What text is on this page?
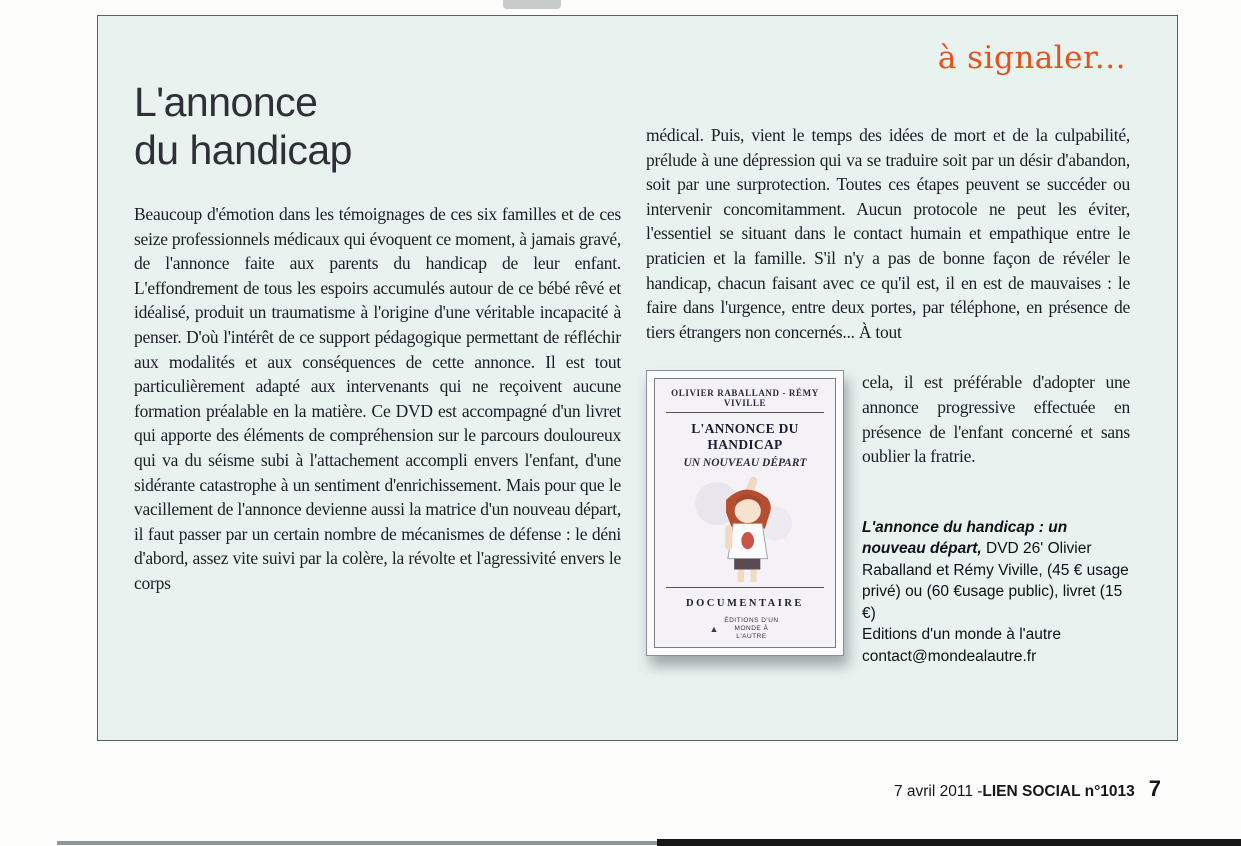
à signaler...
L'annonce
du handicap

Beaucoup d'émotion dans les témoignages de ces six familles et de ces seize professionnels médicaux qui évoquent ce moment, à jamais gravé, de l'annonce faite aux parents du handicap de leur enfant. L'effondrement de tous les espoirs accumulés autour de ce bébé rêvé et idéalisé, produit un traumatisme à l'origine d'une véritable incapacité à penser. D'où l'intérêt de ce support pédagogique permettant de réfléchir aux modalités et aux conséquences de cette annonce. Il est tout particulièrement adapté aux intervenants qui ne reçoivent aucune formation préalable en la matière. Ce DVD est accompagné d'un livret qui apporte des éléments de compréhension sur le parcours douloureux qui va du séisme subi à l'attachement accompli envers l'enfant, d'une sidérante catastrophe à un sentiment d'enrichissement. Mais pour que le vacillement de l'annonce devienne aussi la matrice d'un nouveau départ, il faut passer par un certain nombre de mécanismes de défense : le déni d'abord, assez vite suivi par la colère, la révolte et l'agressivité envers le corps

médical. Puis, vient le temps des idées de mort et de la culpabilité, prélude à une dépression qui va se traduire soit par un désir d'abandon, soit par une surprotection. Toutes ces étapes peuvent se succéder ou intervenir concomitamment. Aucun protocole ne peut les éviter, l'essentiel se situant dans le contact humain et empathique entre le praticien et la famille. S'il n'y a pas de bonne façon de révéler le handicap, chacun faisant avec ce qu'il est, il en est de mauvaises : le faire dans l'urgence, entre deux portes, par téléphone, en présence de tiers étrangers non concernés... À tout

OLIVIER RABALLAND - RÉMY VIVILLE
L'ANNONCE DU HANDICAP
UN NOUVEAU DÉPART
DOCUMENTAIRE
▲
ÉDITIONS D'UN MONDE À L'AUTRE

cela, il est préférable d'adopter une annonce progressive effectuée en présence de l'enfant concerné et sans oublier la fratrie.

L'annonce du handicap : un nouveau départ, DVD 26' Olivier Raballand et Rémy Viville, (45 € usage privé) ou (60 €usage public), livret (15 €)
Editions d'un monde à l'autre
contact@mondealautre.fr
7 avril 2011 - LIEN SOCIAL n°1013 7
